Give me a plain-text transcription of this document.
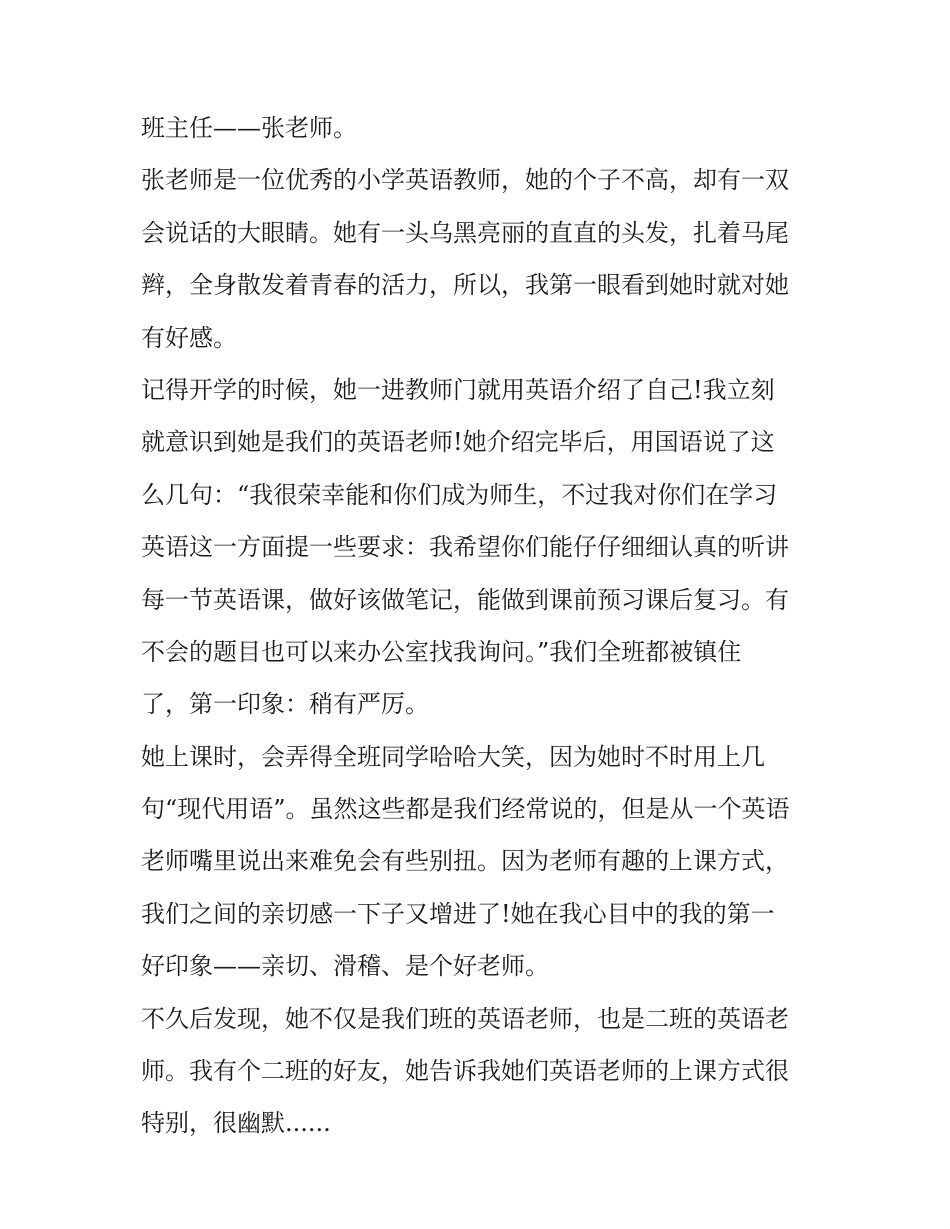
班主任——张老师。
张老师是一位优秀的小学英语教师，她的个子不高，却有一双
会说话的大眼睛。她有一头乌黑亮丽的直直的头发，扎着马尾
辫，全身散发着青春的活力，所以，我第一眼看到她时就对她
有好感。
记得开学的时候，她一进教师门就用英语介绍了自己!我立刻
就意识到她是我们的英语老师!她介绍完毕后，用国语说了这
么几句：“我很荣幸能和你们成为师生，不过我对你们在学习
英语这一方面提一些要求：我希望你们能仔仔细细认真的听讲
每一节英语课，做好该做笔记，能做到课前预习课后复习。有
不会的题目也可以来办公室找我询问。”我们全班都被镇住
了，第一印象：稍有严厉。
她上课时，会弄得全班同学哈哈大笑，因为她时不时用上几
句“现代用语”。虽然这些都是我们经常说的，但是从一个英语
老师嘴里说出来难免会有些别扭。因为老师有趣的上课方式，
我们之间的亲切感一下子又增进了!她在我心目中的我的第一
好印象——亲切、滑稽、是个好老师。
不久后发现，她不仅是我们班的英语老师，也是二班的英语老
师。我有个二班的好友，她告诉我她们英语老师的上课方式很
特别，很幽默......
